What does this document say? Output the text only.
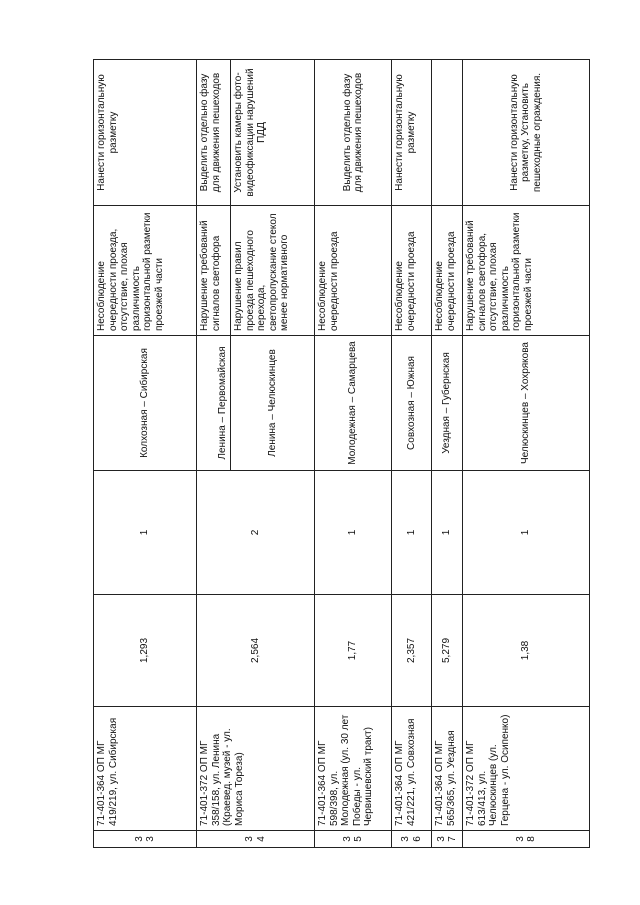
33	71-401-364 ОП МГ 419/219, ул. Сибирская	1,293	1	Колхозная – Сибирская	Несоблюдение очередности проезда, отсутствие, плохая различимость горизонтальной разметки проезжей части	Нанести горизонтальную разметку
34	71-401-372 ОП МГ 358/158, ул. Ленина (Краевед. музей - ул. Мориса Тореза)	2,564	2	Ленина – Первомайская	Нарушение требований сигналов светофора	Выделить отдельно фазу для движения пешеходов
				Ленина – Челюскинцев	Нарушение правил проезда пешеходного перехода, светопропускание стекол менее нормативного	Установить камеры фото-видеофиксации нарушений ПДД
35	71-401-364 ОП МГ 598/398, ул. Молодежная (ул. 30 лет Победы - ул. Червишевский тракт)	1,77	1	Молодежная – Самарцева	Несоблюдение очередности проезда	Выделить отдельно фазу для движения пешеходов
36	71-401-364 ОП МГ 421/221, ул. Совхозная	2,357	1	Совхозная – Южная	Несоблюдение очередности проезда	Нанести горизонтальную разметку
37	71-401-364 ОП МГ 565/365, ул. Уездная	5,279	1	Уездная – Губернская	Несоблюдение очередности проезда	
38	71-401-372 ОП МГ 613/413, ул. Челюскинцев (ул. Герцена - ул. Осипенко)	1,38	1	Челюскинцев – Хохрякова	Нарушение требований сигналов светофора, отсутствие, плохая различимость горизонтальной разметки проезжей части	Нанести горизонтальную разметку, Установить пешеходные ограждения.
